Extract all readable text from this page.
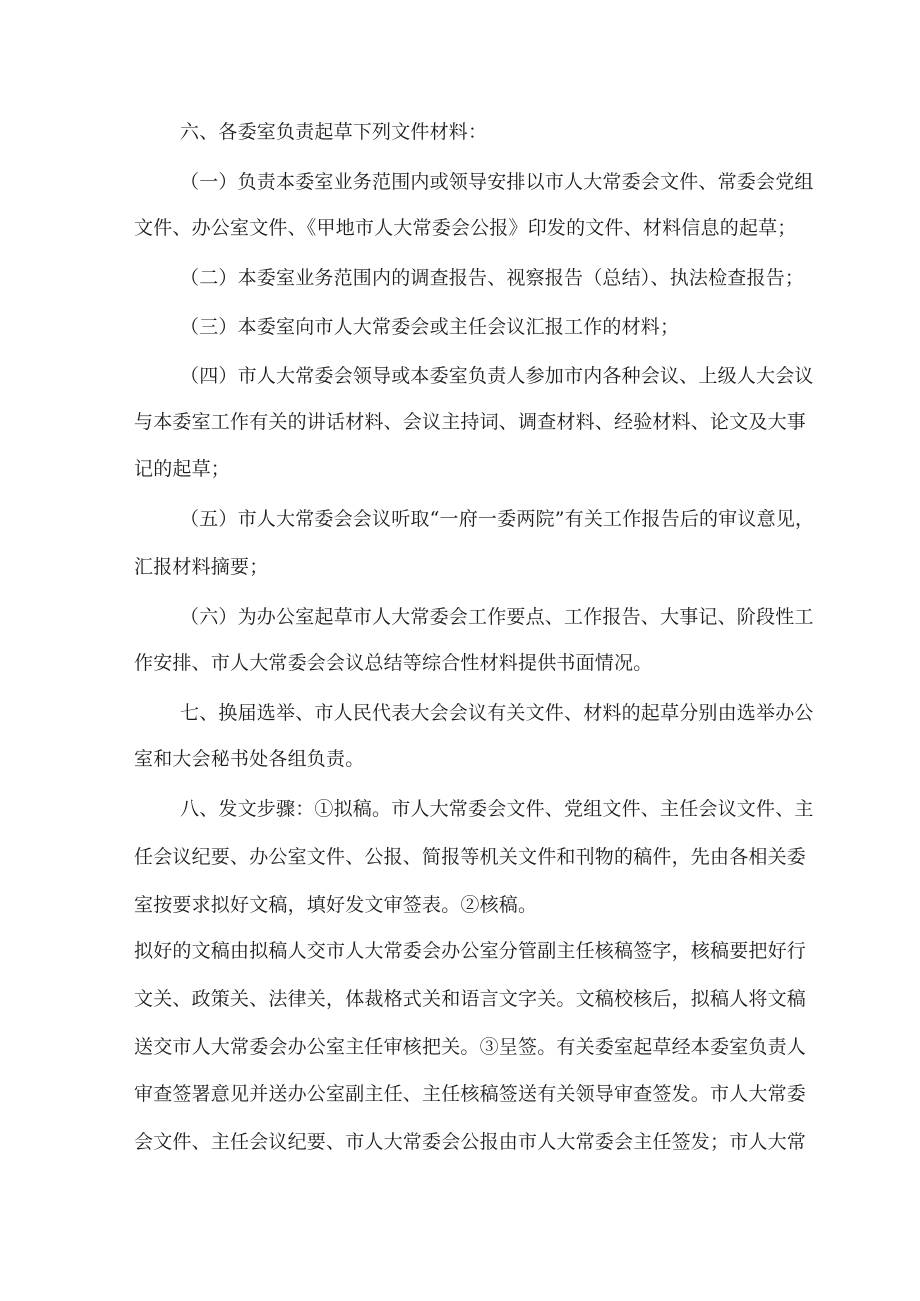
六、各委室负责起草下列文件材料：
（一）负责本委室业务范围内或领导安排以市人大常委会文件、常委会党组
文件、办公室文件、《甲地市人大常委会公报》印发的文件、材料信息的起草；
（二）本委室业务范围内的调查报告、视察报告（总结）、执法检查报告；
（三）本委室向市人大常委会或主任会议汇报工作的材料；
（四）市人大常委会领导或本委室负责人参加市内各种会议、上级人大会议
与本委室工作有关的讲话材料、会议主持词、调查材料、经验材料、论文及大事
记的起草；
（五）市人大常委会会议听取“一府一委两院”有关工作报告后的审议意见，
汇报材料摘要；
（六）为办公室起草市人大常委会工作要点、工作报告、大事记、阶段性工
作安排、市人大常委会会议总结等综合性材料提供书面情况。
七、换届选举、市人民代表大会会议有关文件、材料的起草分别由选举办公
室和大会秘书处各组负责。
八、发文步骤：①拟稿。市人大常委会文件、党组文件、主任会议文件、主
任会议纪要、办公室文件、公报、简报等机关文件和刊物的稿件，先由各相关委
室按要求拟好文稿，填好发文审签表。②核稿。
拟好的文稿由拟稿人交市人大常委会办公室分管副主任核稿签字，核稿要把好行
文关、政策关、法律关，体裁格式关和语言文字关。文稿校核后，拟稿人将文稿
送交市人大常委会办公室主任审核把关。③呈签。有关委室起草经本委室负责人
审查签署意见并送办公室副主任、主任核稿签送有关领导审查签发。市人大常委
会文件、主任会议纪要、市人大常委会公报由市人大常委会主任签发；市人大常
